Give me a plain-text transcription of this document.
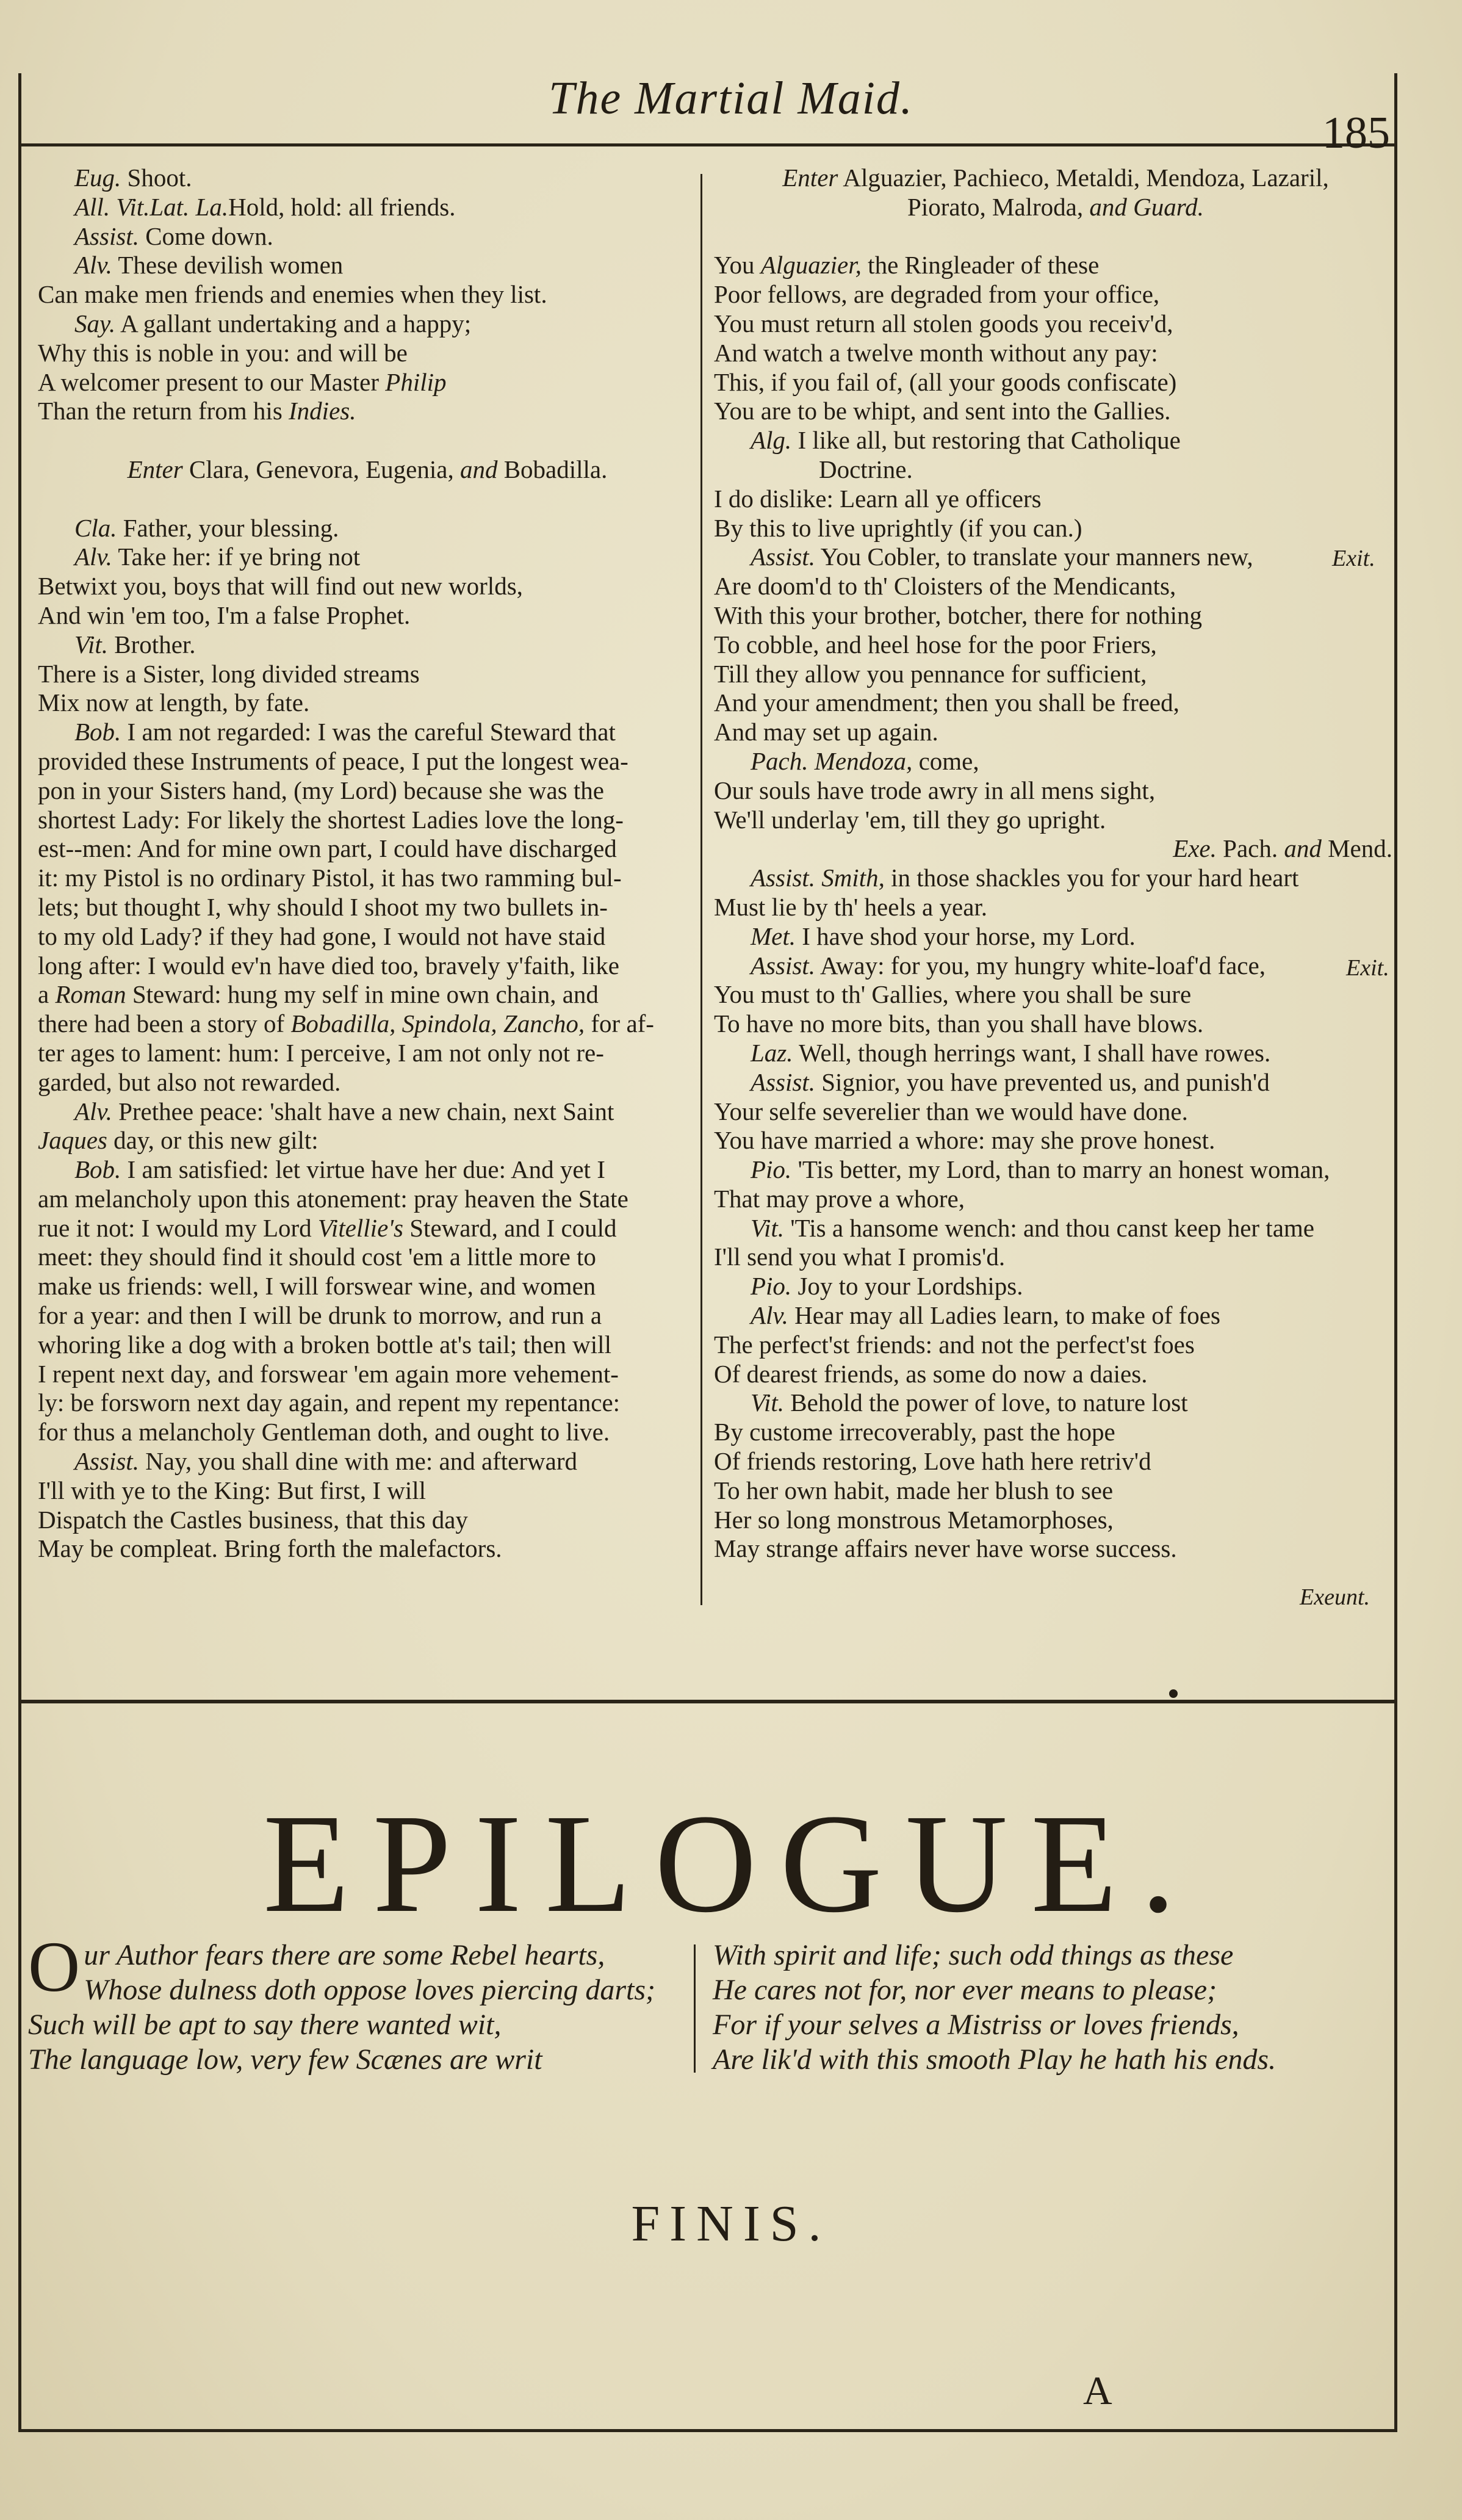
The Martial Maid.
185
Eug. Shoot.
All. Vit.Lat. La.Hold, hold: all friends.
Assist. Come down.
Alv. These devilish women
Can make men friends and enemies when they list.
Say. A gallant undertaking and a happy;
Why this is noble in you: and will be
A welcomer present to our Master Philip
Than the return from his Indies.

Enter Clara, Genevora, Eugenia, and Bobadilla.

Cla. Father, your blessing.
Alv. Take her: if ye bring not
Betwixt you, boys that will find out new worlds,
And win 'em too, I'm a false Prophet.
Vit. Brother.
There is a Sister, long divided streams
Mix now at length, by fate.
Bob. I am not regarded: I was the careful Steward that
provided these Instruments of peace, I put the longest wea-
pon in your Sisters hand, (my Lord) because she was the
shortest Lady: For likely the shortest Ladies love the long-
est--men: And for mine own part, I could have discharged
it: my Pistol is no ordinary Pistol, it has two ramming bul-
lets; but thought I, why should I shoot my two bullets in-
to my old Lady? if they had gone, I would not have staid
long after: I would ev'n have died too, bravely y'faith, like
a Roman Steward: hung my self in mine own chain, and
there had been a story of Bobadilla, Spindola, Zancho, for af-
ter ages to lament: hum: I perceive, I am not only not re-
garded, but also not rewarded.
Alv. Prethee peace: 'shalt have a new chain, next Saint
Jaques day, or this new gilt:
Bob. I am satisfied: let virtue have her due: And yet I
am melancholy upon this atonement: pray heaven the State
rue it not: I would my Lord Vitellie's Steward, and I could
meet: they should find it should cost 'em a little more to
make us friends: well, I will forswear wine, and women
for a year: and then I will be drunk to morrow, and run a
whoring like a dog with a broken bottle at's tail; then will
I repent next day, and forswear 'em again more vehement-
ly: be forsworn next day again, and repent my repentance:
for thus a melancholy Gentleman doth, and ought to live.
Assist. Nay, you shall dine with me: and afterward
I'll with ye to the King: But first, I will
Dispatch the Castles business, that this day
May be compleat. Bring forth the malefactors.
Enter Alguazier, Pachieco, Metaldi, Mendoza, Lazaril,
Piorato, Malroda, and Guard.

You Alguazier, the Ringleader of these
Poor fellows, are degraded from your office,
You must return all stolen goods you receiv'd,
And watch a twelve month without any pay:
This, if you fail of, (all your goods confiscate)
You are to be whipt, and sent into the Gallies.
Alg. I like all, but restoring that Catholique
Doctrine.
I do dislike: Learn all ye officers
By this to live uprightly (if you can.)
Assist. You Cobler, to translate your manners new,
Are doom'd to th' Cloisters of the Mendicants,
With this your brother, botcher, there for nothing
To cobble, and heel hose for the poor Friers,
Till they allow you pennance for sufficient,
And your amendment; then you shall be freed,
And may set up again.
Pach. Mendoza, come,
Our souls have trode awry in all mens sight,
We'll underlay 'em, till they go upright.
Exe. Pach. and Mend.
Assist. Smith, in those shackles you for your hard heart
Must lie by th' heels a year.
Met. I have shod your horse, my Lord.
Assist. Away: for you, my hungry white-loaf'd face,
You must to th' Gallies, where you shall be sure
To have no more bits, than you shall have blows.
Laz. Well, though herrings want, I shall have rowes.
Assist. Signior, you have prevented us, and punish'd
Your selfe severelier than we would have done.
You have married a whore: may she prove honest.
Pio. 'Tis better, my Lord, than to marry an honest woman,
That may prove a whore,
Vit. 'Tis a hansome wench: and thou canst keep her tame
I'll send you what I promis'd.
Pio. Joy to your Lordships.
Alv. Hear may all Ladies learn, to make of foes
The perfect'st friends: and not the perfect'st foes
Of dearest friends, as some do now a daies.
Vit. Behold the power of love, to nature lost
By custome irrecoverably, past the hope
Of friends restoring, Love hath here retriv'd
To her own habit, made her blush to see
Her so long monstrous Metamorphoses,
May strange affairs never have worse success.
Exit.
Exit.
Exeunt.
EPILOGUE.
O ur Author fears there are some Rebel hearts,
Whose dulness doth oppose loves piercing darts;
Such will be apt to say there wanted wit,
The language low, very few Scænes are writ
With spirit and life; such odd things as these
He cares not for, nor ever means to please;
For if your selves a Mistriss or loves friends,
Are lik'd with this smooth Play he hath his ends.
FINIS.
A
